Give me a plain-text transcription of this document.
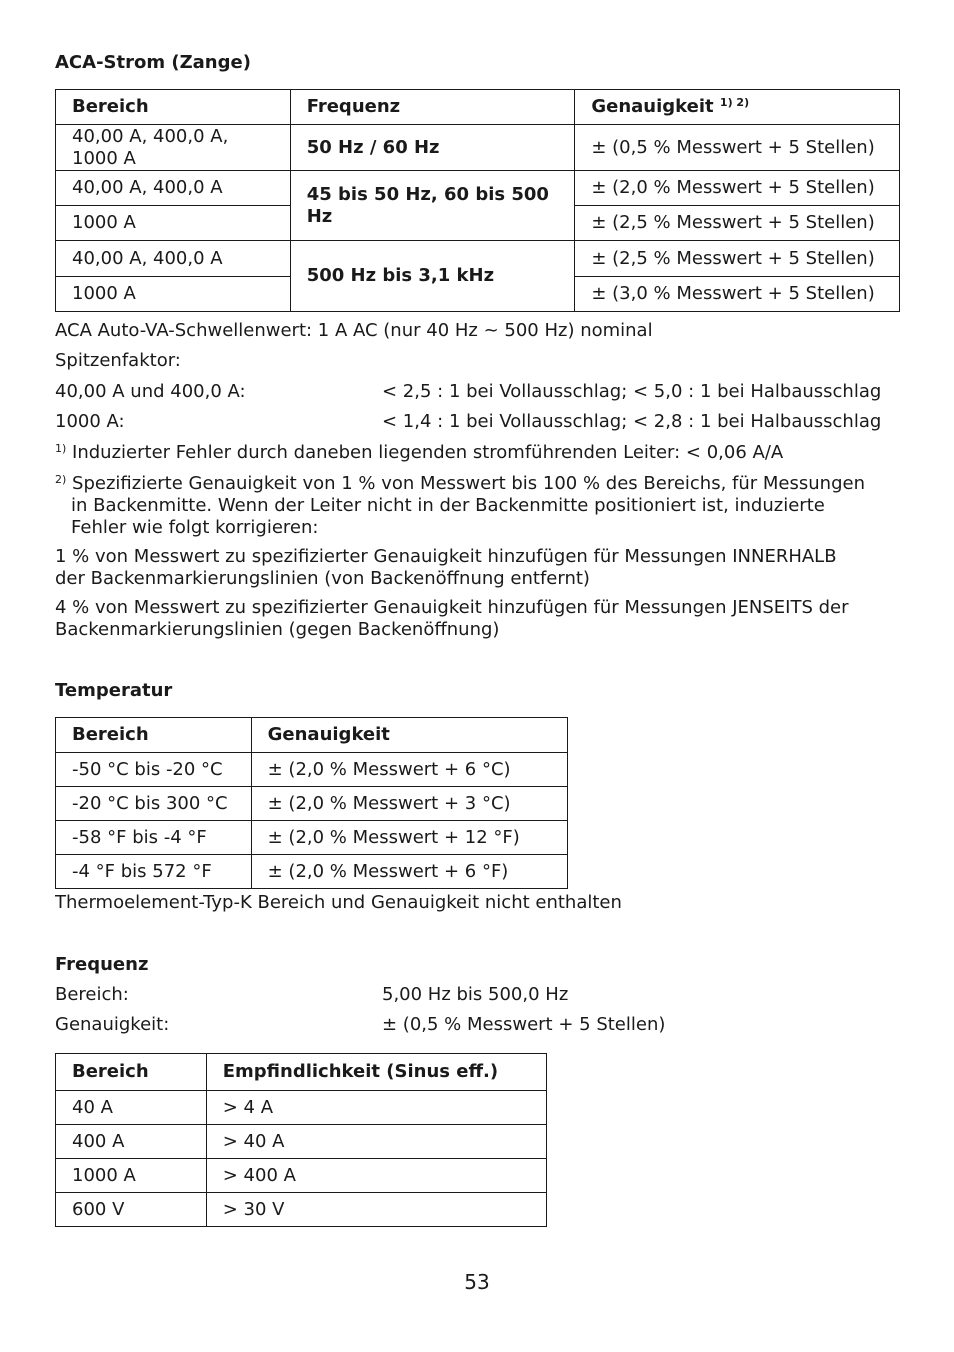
ACA-Strom (Zange)
Bereich	Frequenz	Genauigkeit $^{1) 2)}$

40,00 A, 400,0 A,
1000 A	50 Hz / 60 Hz	± (0,5 % Messwert + 5 Stellen)
40,00 A, 400,0 A	45 bis 50 Hz, 60 bis 500 Hz	± (2,0 % Messwert + 5 Stellen)
1000 A		± (2,5 % Messwert + 5 Stellen)
40,00 A, 400,0 A	500 Hz bis 3,1 kHz	± (2,5 % Messwert + 5 Stellen)
1000 A		± (3,0 % Messwert + 5 Stellen)
ACA Auto-VA-Schwellenwert: 1 A AC (nur 40 Hz ~ 500 Hz) nominal
Spitzenfaktor:
40,00 A und 400,0 A:	< 2,5 : 1 bei Vollausschlag; < 5,0 : 1 bei Halbausschlag
1000 A:	< 1,4 : 1 bei Vollausschlag; < 2,8 : 1 bei Halbausschlag
$^{1)}$ Induzierter Fehler durch daneben liegenden stromführenden Leiter: < 0,06 A/A
$^{2)}$ Spezifizierte Genauigkeit von 1 % von Messwert bis 100 % des Bereichs, für Messungen
in Backenmitte. Wenn der Leiter nicht in der Backenmitte positioniert ist, induzierte
Fehler wie folgt korrigieren:
1 % von Messwert zu spezifizierter Genauigkeit hinzufügen für Messungen INNERHALB
der Backenmarkierungslinien (von Backenöffnung entfernt)
4 % von Messwert zu spezifizierter Genauigkeit hinzufügen für Messungen JENSEITS der
Backenmarkierungslinien (gegen Backenöffnung)
Temperatur
Bereich	Genauigkeit
-50 °C bis -20 °C	± (2,0 % Messwert + 6 °C)
-20 °C bis 300 °C	± (2,0 % Messwert + 3 °C)
-58 °F bis -4 °F	± (2,0 % Messwert + 12 °F)
-4 °F bis 572 °F	± (2,0 % Messwert + 6 °F)
Thermoelement-Typ-K Bereich und Genauigkeit nicht enthalten
Frequenz
Bereich:	5,00 Hz bis 500,0 Hz
Genauigkeit:	± (0,5 % Messwert + 5 Stellen)
Bereich	Empfindlichkeit (Sinus eff.)
40 A	> 4 A
400 A	> 40 A
1000 A	> 400 A
600 V	> 30 V
53
